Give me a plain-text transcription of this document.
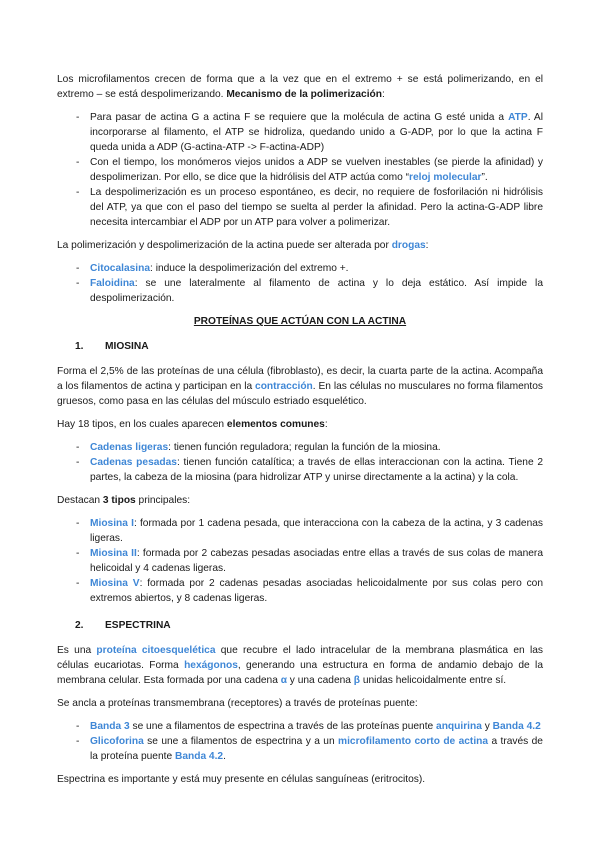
Los microfilamentos crecen de forma que a la vez que en el extremo + se está polimerizando, en el extremo – se está despolimerizando. Mecanismo de la polimerización:

- Para pasar de actina G a actina F se requiere que la molécula de actina G esté unida a ATP. Al incorporarse al filamento, el ATP se hidroliza, quedando unido a G-ADP, por lo que la actina F queda unida a ADP (G-actina-ATP -> F-actina-ADP)
- Con el tiempo, los monómeros viejos unidos a ADP se vuelven inestables (se pierde la afinidad) y despolimerizan. Por ello, se dice que la hidrólisis del ATP actúa como “reloj molecular”.
- La despolimerización es un proceso espontáneo, es decir, no requiere de fosforilación ni hidrólisis del ATP, ya que con el paso del tiempo se suelta al perder la afinidad. Pero la actina-G-ADP libre necesita intercambiar el ADP por un ATP para volver a polimerizar.

La polimerización y despolimerización de la actina puede ser alterada por drogas:

- Citocalasina: induce la despolimerización del extremo +.
- Faloidina: se une lateralmente al filamento de actina y lo deja estático. Así impide la despolimerización.
PROTEÍNAS QUE ACTÚAN CON LA ACTINA
1. MIOSINA

Forma el 2,5% de las proteínas de una célula (fibroblasto), es decir, la cuarta parte de la actina. Acompaña a los filamentos de actina y participan en la contracción. En las células no musculares no forma filamentos gruesos, como pasa en las células del músculo estriado esquelético.

Hay 18 tipos, en los cuales aparecen elementos comunes:

- Cadenas ligeras: tienen función reguladora; regulan la función de la miosina.
- Cadenas pesadas: tienen función catalítica; a través de ellas interaccionan con la actina. Tiene 2 partes, la cabeza de la miosina (para hidrolizar ATP y unirse directamente a la actina) y la cola.

Destacan 3 tipos principales:

- Miosina I: formada por 1 cadena pesada, que interacciona con la cabeza de la actina, y 3 cadenas ligeras.
- Miosina II: formada por 2 cabezas pesadas asociadas entre ellas a través de sus colas de manera helicoidal y 4 cadenas ligeras.
- Miosina V: formada por 2 cadenas pesadas asociadas helicoidalmente por sus colas pero con extremos abiertos, y 8 cadenas ligeras.
2. ESPECTRINA

Es una proteína citoesquelética que recubre el lado intracelular de la membrana plasmática en las células eucariotas. Forma hexágonos, generando una estructura en forma de andamio debajo de la membrana celular. Esta formada por una cadena α y una cadena β unidas helicoidalmente entre sí.

Se ancla a proteínas transmembrana (receptores) a través de proteínas puente:

- Banda 3 se une a filamentos de espectrina a través de las proteínas puente anquirina y Banda 4.2
- Glicoforina se une a filamentos de espectrina y a un microfilamento corto de actina a través de la proteína puente Banda 4.2.

Espectrina es importante y está muy presente en células sanguíneas (eritrocitos).
